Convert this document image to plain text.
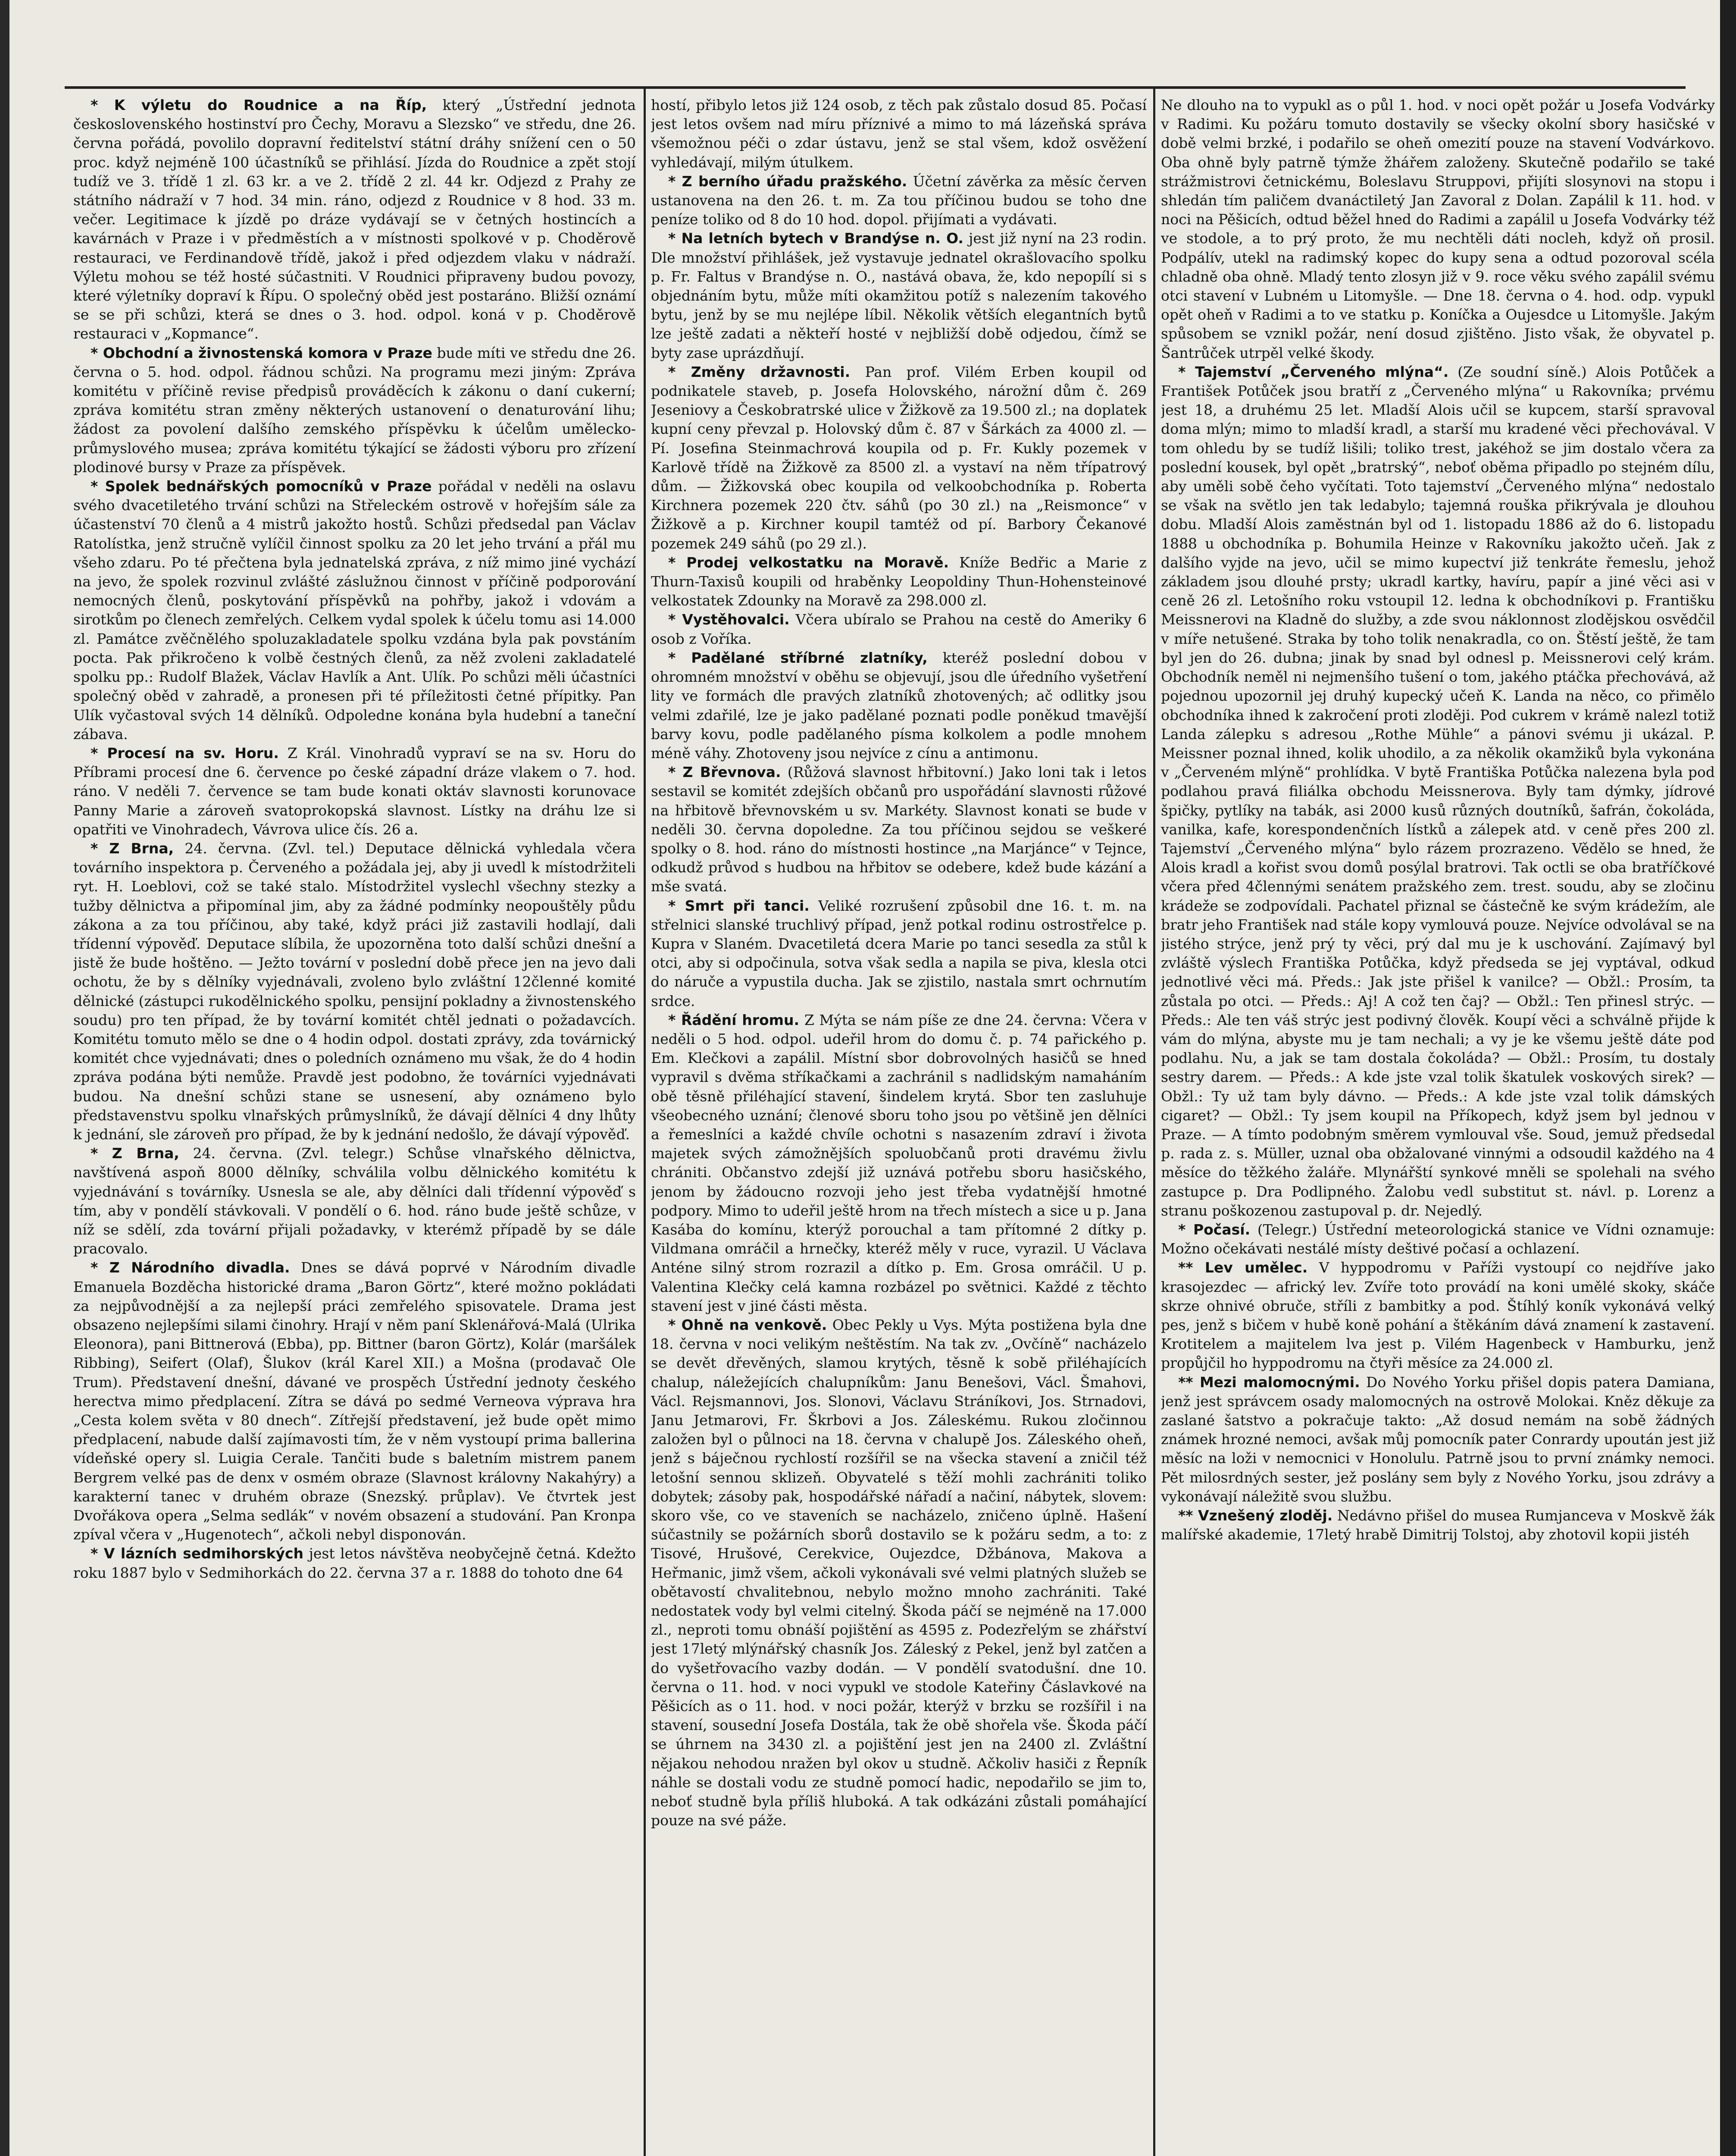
* K výletu do Roudnice a na Říp, který „Ústřední jednota československého hostinství pro Čechy, Moravu a Slezsko“ ve středu, dne 26. června pořádá, povolilo dopravní ředitelství státní dráhy snížení cen o 50 proc. když nejméně 100 účastníků se přihlásí. Jízda do Roudnice a zpět stojí tudíž ve 3. třídě 1 zl. 63 kr. a ve 2. třídě 2 zl. 44 kr. Odjezd z Prahy ze státního nádraží v 7 hod. 34 min. ráno, odjezd z Roudnice v 8 hod. 33 m. večer. Legitimace k jízdě po dráze vydávají se v četných hostincích a kavárnách v Praze i v předměstích a v místnosti spolkové v p. Choděrově restauraci, ve Ferdinandově třídě, jakož i před odjezdem vlaku v nádraží. Výletu mohou se též hosté súčastniti. V Roudnici připraveny budou povozy, které výletníky dopraví k Řípu. O společný oběd jest postaráno. Bližší oznámí se se při schůzi, která se dnes o 3. hod. odpol. koná v p. Choděrově restauraci v „Kopmance“.

* Obchodní a živnostenská komora v Praze bude míti ve středu dne 26. června o 5. hod. odpol. řádnou schůzi. Na programu mezi jiným: Zpráva komitétu v příčině revise předpisů prováděcích k zákonu o daní cukerní; zpráva komitétu stran změny některých ustanovení o denaturování lihu; žádost za povolení dalšího zemského příspěvku k účelům umělecko-průmyslového musea; zpráva komitétu týkající se žádosti výboru pro zřízení plodinové bursy v Praze za příspěvek.

* Spolek bednářských pomocníků v Praze pořádal v neděli na oslavu svého dvacetiletého trvání schůzi na Střeleckém ostrově v hořejším sále za účastenství 70 členů a 4 mistrů jakožto hostů. Schůzi předsedal pan Václav Ratolístka, jenž stručně vylíčil činnost spolku za 20 let jeho trvání a přál mu všeho zdaru. Po té přečtena byla jednatelská zpráva, z níž mimo jiné vychází na jevo, že spolek rozvinul zvlášté záslužnou činnost v příčině podporování nemocných členů, poskytování příspěvků na pohřby, jakož i vdovám a sirotkům po členech zemřelých. Celkem vydal spolek k účelu tomu asi 14.000 zl. Památce zvěčnělého spoluzakladatele spolku vzdána byla pak povstáním pocta. Pak přikročeno k volbě čestných členů, za něž zvoleni zakladatelé spolku pp.: Rudolf Blažek, Václav Havlík a Ant. Ulík. Po schůzi měli účastníci společný oběd v zahradě, a pronesen při té příležitosti četné přípitky. Pan Ulík vyčastoval svých 14 dělníků. Odpoledne konána byla hudební a taneční zábava.

* Procesí na sv. Horu. Z Král. Vinohradů vypraví se na sv. Horu do Příbrami procesí dne 6. července po české západní dráze vlakem o 7. hod. ráno. V neděli 7. července se tam bude konati oktáv slavnosti korunovace Panny Marie a zároveň svatoprokopská slavnost. Lístky na dráhu lze si opatřiti ve Vinohradech, Vávrova ulice čís. 26 a.

* Z Brna, 24. června. (Zvl. tel.) Deputace dělnická vyhledala včera továrního inspektora p. Červeného a požádala jej, aby ji uvedl k místodržiteli ryt. H. Loeblovi, což se také stalo. Místodržitel vyslechl všechny stezky a tužby dělnictva a připomínal jim, aby za žádné podmínky neopouštěly půdu zákona a za tou příčinou, aby také, když práci již zastavili hodlají, dali třídenní výpověď. Deputace slíbila, že upozorněna toto další schůzi dnešní a jistě že bude hoštěno. — Ježto tovární v poslední době přece jen na jevo dali ochotu, že by s dělníky vyjednávali, zvoleno bylo zvláštní 12členné komité dělnické (zástupci rukodělnického spolku, pensijní pokladny a živnostenského soudu) pro ten případ, že by tovární komitét chtěl jednati o požadavcích. Komitétu tomuto mělo se dne o 4 hodin odpol. dostati zprávy, zda továrnický komitét chce vyjednávati; dnes o poledních oznámeno mu však, že do 4 hodin zpráva podána býti nemůže. Pravdě jest podobno, že továrníci vyjednávati budou. Na dnešní schůzi stane se usnesení, aby oznámeno bylo představenstvu spolku vlnařských průmyslníků, že dávají dělníci 4 dny lhůty k jednání, sle zároveň pro případ, že by k jednání nedošlo, že dávají výpověď.

* Z Brna, 24. června. (Zvl. telegr.) Schůse vlnařského dělnictva, navštívená aspoň 8000 dělníky, schválila volbu dělnického komitétu k vyjednávání s továrníky. Usnesla se ale, aby dělníci dali třídenní výpověď s tím, aby v pondělí stávkovali. V pondělí o 6. hod. ráno bude ještě schůze, v níž se sdělí, zda tovární přijali požadavky, v kterémž případě by se dále pracovalo.

* Z Národního divadla. Dnes se dává poprvé v Národním divadle Emanuela Bozděcha historické drama „Baron Görtz“, které možno pokládati za nejpůvodnější a za nejlepší práci zemřelého spisovatele. Drama jest obsazeno nejlepšími silami činohry. Hrají v něm paní Sklenářová-Malá (Ulrika Eleonora), pani Bittnerová (Ebba), pp. Bittner (baron Görtz), Kolár (maršálek Ribbing), Seifert (Olaf), Šlukov (král Karel XII.) a Mošna (prodavač Ole Trum). Představení dnešní, dávané ve prospěch Ústřední jednoty českého herectva mimo předplacení. Zítra se dává po sedmé Verneova výprava hra „Cesta kolem světa v 80 dnech“. Zítřejší představení, jež bude opět mimo předplacení, nabude další zajímavosti tím, že v něm vystoupí prima ballerina vídeňské opery sl. Luigia Cerale. Tančiti bude s baletním mistrem panem Bergrem velké pas de denx v osmém obraze (Slavnost královny Nakahýry) a karakterní tanec v druhém obraze (Snezský. průplav). Ve čtvrtek jest Dvořákova opera „Selma sedlák“ v novém obsazení a studování. Pan Kronpa zpíval včera v „Hugenotech“, ačkoli nebyl disponován.

* V lázních sedmihorských jest letos návštěva neobyčejně četná. Kdežto roku 1887 bylo v Sedmihorkách do 22. června 37 a r. 1888 do tohoto dne 64

hostí, přibylo letos již 124 osob, z těch pak zůstalo dosud 85. Počasí jest letos ovšem nad míru příznivé a mimo to má lázeňská správa všemožnou péči o zdar ústavu, jenž se stal všem, kdož osvěžení vyhledávají, milým útulkem.

* Z berního úřadu pražského. Účetní závěrka za měsíc červen ustanovena na den 26. t. m. Za tou příčinou budou se toho dne peníze toliko od 8 do 10 hod. dopol. přijímati a vydávati.

* Na letních bytech v Brandýse n. O. jest již nyní na 23 rodin. Dle množství přihlášek, jež vystavuje jednatel okrašlovacího spolku p. Fr. Faltus v Brandýse n. O., nastává obava, že, kdo nepopílí si s objednáním bytu, může míti okamžitou potíž s nalezením takového bytu, jenž by se mu nejlépe líbil. Několik větších elegantních bytů lze ještě zadati a někteří hosté v nejbližší době odjedou, čímž se byty zase uprázdňují.

* Změny državnosti. Pan prof. Vilém Erben koupil od podnikatele staveb, p. Josefa Holovského, nárožní dům č. 269 Jeseniovy a Českobratrské ulice v Žižkově za 19.500 zl.; na doplatek kupní ceny převzal p. Holovský dům č. 87 v Šárkách za 4000 zl. — Pí. Josefina Steinmachrová koupila od p. Fr. Kukly pozemek v Karlově třídě na Žižkově za 8500 zl. a vystaví na něm třípatrový dům. — Žižkovská obec koupila od velkoobchodníka p. Roberta Kirchnera pozemek 220 čtv. sáhů (po 30 zl.) na „Reismonce“ v Žižkově a p. Kirchner koupil tamtéž od pí. Barbory Čekanové pozemek 249 sáhů (po 29 zl.).

* Prodej velkostatku na Moravě. Kníže Bedřic a Marie z Thurn-Taxisů koupili od hraběnky Leopoldiny Thun-Hohensteinové velkostatek Zdounky na Moravě za 298.000 zl.

* Vystěhovalci. Včera ubíralo se Prahou na cestě do Ameriky 6 osob z Voříka.

* Padělané stříbrné zlatníky, kteréž poslední dobou v ohromném množství v oběhu se objevují, jsou dle úředního vyšetření lity ve formách dle pravých zlatníků zhotovených; ač odlitky jsou velmi zdařilé, lze je jako padělané poznati podle poněkud tmavější barvy kovu, podle padělaného písma kolkolem a podle mnohem méně váhy. Zhotoveny jsou nejvíce z cínu a antimonu.

* Z Břevnova. (Růžová slavnost hřbitovní.) Jako loni tak i letos sestavil se komitét zdejších občanů pro uspořádání slavnosti růžové na hřbitově břevnovském u sv. Markéty. Slavnost konati se bude v neděli 30. června dopoledne. Za tou příčinou sejdou se veškeré spolky o 8. hod. ráno do místnosti hostince „na Marjánce“ v Tejnce, odkudž průvod s hudbou na hřbitov se odebere, kdež bude kázání a mše svatá.

* Smrt při tanci. Veliké rozrušení způsobil dne 16. t. m. na střelnici slanské truchlivý případ, jenž potkal rodinu ostrostřelce p. Kupra v Slaném. Dvacetiletá dcera Marie po tanci sesedla za stůl k otci, aby si odpočinula, sotva však sedla a napila se piva, klesla otci do náruče a vypustila ducha. Jak se zjistilo, nastala smrt ochrnutím srdce.

* Řádění hromu. Z Mýta se nám píše ze dne 24. června: Včera v neděli o 5 hod. odpol. udeřil hrom do domu č. p. 74 pařického p. Em. Klečkovi a zapálil. Místní sbor dobrovolných hasičů se hned vypravil s dvěma stříkačkami a zachránil s nadlidským namaháním obě těsně přiléhající stavení, šindelem krytá. Sbor ten zasluhuje všeobecného uznání; členové sboru toho jsou po většině jen dělníci a řemeslníci a každé chvíle ochotni s nasazením zdraví i života majetek svých zámožnějších spoluobčanů proti dravému živlu chrániti. Občanstvo zdejší již uznává potřebu sboru hasičského, jenom by žádoucno rozvoji jeho jest třeba vydatnější hmotné podpory. Mimo to udeřil ještě hrom na třech místech a sice u p. Jana Kasába do komínu, kterýž porouchal a tam přítomné 2 dítky p. Vildmana omráčil a hrnečky, kteréž měly v ruce, vyrazil. U Václava Anténe silný strom rozrazil a dítko p. Em. Grosa omráčil. U p. Valentina Klečky celá kamna rozbázel po světnici. Každé z těchto stavení jest v jiné části města.

* Ohně na venkově. Obec Pekly u Vys. Mýta postižena byla dne 18. června v noci velikým neštěstím. Na tak zv. „Ovčíně“ nacházelo se devět dřevěných, slamou krytých, těsně k sobě přiléhajících chalup, náležejících chalupníkům: Janu Benešovi, Václ. Šmahovi, Václ. Rejsmannovi, Jos. Slonovi, Václavu Stráníkovi, Jos. Strnadovi, Janu Jetmarovi, Fr. Škrbovi a Jos. Záleskému. Rukou zločinnou založen byl o půlnoci na 18. června v chalupě Jos. Záleského oheň, jenž s báječnou rychlostí rozšířil se na všecka stavení a zničil též letošní sennou sklizeň. Obyvatelé s těží mohli zachrániti toliko dobytek; zásoby pak, hospodářské nářadí a načiní, nábytek, slovem: skoro vše, co ve staveních se nacházelo, zničeno úplně. Hašení súčastnily se požárních sborů dostavilo se k požáru sedm, a to: z Tisové, Hrušové, Cerekvice, Oujezdce, Džbánova, Makova a Heřmanic, jimž všem, ačkoli vykonávali své velmi platných služeb se obětavostí chvalitebnou, nebylo možno mnoho zachrániti. Také nedostatek vody byl velmi citelný. Škoda páčí se nejméně na 17.000 zl., neproti tomu obnáší pojištění as 4595 z. Podezřelým se zhářství jest 17letý mlýnářský chasník Jos. Záleský z Pekel, jenž byl zatčen a do vyšetřovacího vazby dodán. — V pondělí svatodušní. dne 10. června o 11. hod. v noci vypukl ve stodole Kateřiny Čáslavkové na Pěšicích as o 11. hod. v noci požár, kterýž v brzku se rozšířil i na stavení, sousední Josefa Dostála, tak že obě shořela vše. Škoda páčí se úhrnem na 3430 zl. a pojištění jest jen na 2400 zl. Zvláštní nějakou nehodou nražen byl okov u studně. Ačkoliv hasiči z Řepník náhle se dostali vodu ze studně pomocí hadic, nepodařilo se jim to, neboť studně byla příliš hluboká. A tak odkázáni zůstali pomáhající pouze na své páže.

Ne dlouho na to vypukl as o půl 1. hod. v noci opět požár u Josefa Vodvárky v Radimi. Ku požáru tomuto dostavily se všecky okolní sbory hasičské v době velmi brzké, i podařilo se oheň omezití pouze na stavení Vodvárkovo. Oba ohně byly patrně týmže žhářem založeny. Skutečně podařilo se také strážmistrovi četnickému, Boleslavu Struppovi, přijíti slosynovi na stopu i shledán tím paličem dvanáctiletý Jan Zavoral z Dolan. Zapálil k 11. hod. v noci na Pěšicích, odtud běžel hned do Radimi a zapálil u Josefa Vodvárky též ve stodole, a to prý proto, že mu nechtěli dáti nocleh, když oň prosil. Podpálív, utekl na radimský kopec do kupy sena a odtud pozoroval scéla chladně oba ohně. Mladý tento zlosyn již v 9. roce věku svého zapálil svému otci stavení v Lubném u Litomyšle. — Dne 18. června o 4. hod. odp. vypukl opět oheň v Radimi a to ve statku p. Koníčka a Oujesdce u Litomyšle. Jakým spůsobem se vznikl požár, není dosud zjištěno. Jisto však, že obyvatel p. Šantrůček utrpěl velké škody.

* Tajemství „Červeného mlýna“. (Ze soudní síně.) Alois Potůček a František Potůček jsou bratří z „Červeného mlýna“ u Rakovníka; prvému jest 18, a druhému 25 let. Mladší Alois učil se kupcem, starší spravoval doma mlýn; mimo to mladší kradl, a starší mu kradené věci přechovával. V tom ohledu by se tudíž lišili; toliko trest, jakéhož se jim dostalo včera za poslední kousek, byl opět „bratrský“, neboť oběma připadlo po stejném dílu, aby uměli sobě čeho vyčítati. Toto tajemství „Červeného mlýna“ nedostalo se však na světlo jen tak ledabylo; tajemná rouška přikrývala je dlouhou dobu. Mladší Alois zaměstnán byl od 1. listopadu 1886 až do 6. listopadu 1888 u obchodníka p. Bohumila Heinze v Rakovníku jakožto učeň. Jak z dalšího vyjde na jevo, učil se mimo kupectví již tenkráte řemeslu, jehož základem jsou dlouhé prsty; ukradl kartky, havíru, papír a jiné věci asi v ceně 26 zl. Letošního roku vstoupil 12. ledna k obchodníkovi p. Františku Meissnerovi na Kladně do služby, a zde svou náklonnost zlodějskou osvědčil v míře netušené. Straka by toho tolik nenakradla, co on. Štěstí ještě, že tam byl jen do 26. dubna; jinak by snad byl odnesl p. Meissnerovi celý krám. Obchodník neměl ni nejmenšího tušení o tom, jakého ptáčka přechovává, až pojednou upozornil jej druhý kupecký učeň K. Landa na něco, co přimělo obchodníka ihned k zakročení proti zloději. Pod cukrem v krámě nalezl totiž Landa zálepku s adresou „Rothe Mühle“ a pánovi svému ji ukázal. P. Meissner poznal ihned, kolik uhodilo, a za několik okamžiků byla vykonána v „Červeném mlýně“ prohlídka. V bytě Františka Potůčka nalezena byla pod podlahou pravá filiálka obchodu Meissnerova. Byly tam dýmky, jídrové špičky, pytlíky na tabák, asi 2000 kusů různých doutníků, šafrán, čokoláda, vanilka, kafe, korespondenčních lístků a zálepek atd. v ceně přes 200 zl. Tajemství „Červeného mlýna“ bylo rázem prozrazeno. Vědělo se hned, že Alois kradl a kořist svou domů posýlal bratrovi. Tak octli se oba bratříčkové včera před 4člennými senátem pražského zem. trest. soudu, aby se zločinu krádeže se zodpovídali. Pachatel přiznal se částečně ke svým krádežím, ale bratr jeho František nad stále kopy vymlouvá pouze. Nejvíce odvolával se na jistého strýce, jenž prý ty věci, prý dal mu je k uschování. Zajímavý byl zvláště výslech Františka Potůčka, když předseda se jej vyptával, odkud jednotlivé věci má. Předs.: Jak jste přišel k vanilce? — Obžl.: Prosím, ta zůstala po otci. — Předs.: Aj! A což ten čaj? — Obžl.: Ten přinesl strýc. — Předs.: Ale ten váš strýc jest podivný člověk. Koupí věci a schválně přijde k vám do mlýna, abyste mu je tam nechali; a vy je ke všemu ještě dáte pod podlahu. Nu, a jak se tam dostala čokoláda? — Obžl.: Prosím, tu dostaly sestry darem. — Předs.: A kde jste vzal tolik škatulek voskových sirek? — Obžl.: Ty už tam byly dávno. — Předs.: A kde jste vzal tolik dámských cigaret? — Obžl.: Ty jsem koupil na Příkopech, když jsem byl jednou v Praze. — A tímto podobným směrem vymlouval vše. Soud, jemuž předsedal p. rada z. s. Müller, uznal oba obžalované vinnými a odsoudil každého na 4 měsíce do těžkého žaláře. Mlynářští synkové mněli se spolehali na svého zastupce p. Dra Podlipného. Žalobu vedl substitut st. návl. p. Lorenz a stranu poškozenou zastupoval p. dr. Nejedlý.

* Počasí. (Telegr.) Ústřední meteorologická stanice ve Vídni oznamuje: Možno očekávati nestálé místy deštivé počasí a ochlazení.

** Lev umělec. V hyppodromu v Paříži vystoupí co nejdříve jako krasojezdec — africký lev. Zvíře toto provádí na koni umělé skoky, skáče skrze ohnivé obruče, stříli z bambitky a pod. Štíhlý koník vykonává velký pes, jenž s bičem v hubě koně pohání a štěkáním dává znamení k zastavení. Krotitelem a majitelem lva jest p. Vilém Hagenbeck v Hamburku, jenž propůjčil ho hyppodromu na čtyři měsíce za 24.000 zl.

** Mezi malomocnými. Do Nového Yorku přišel dopis patera Damiana, jenž jest správcem osady malomocných na ostrově Molokai. Kněz děkuje za zaslané šatstvo a pokračuje takto: „Až dosud nemám na sobě žádných známek hrozné nemoci, avšak můj pomocník pater Conrardy upoután jest již měsíc na loži v nemocnici v Honolulu. Patrně jsou to první známky nemoci. Pět milosrdných sester, jež poslány sem byly z Nového Yorku, jsou zdrávy a vykonávají náležitě svou službu.

** Vznešený zloděj. Nedávno přišel do musea Rumjanceva v Moskvě žák malířské akademie, 17letý hrabě Dimitrij Tolstoj, aby zhotovil kopii jistéh
